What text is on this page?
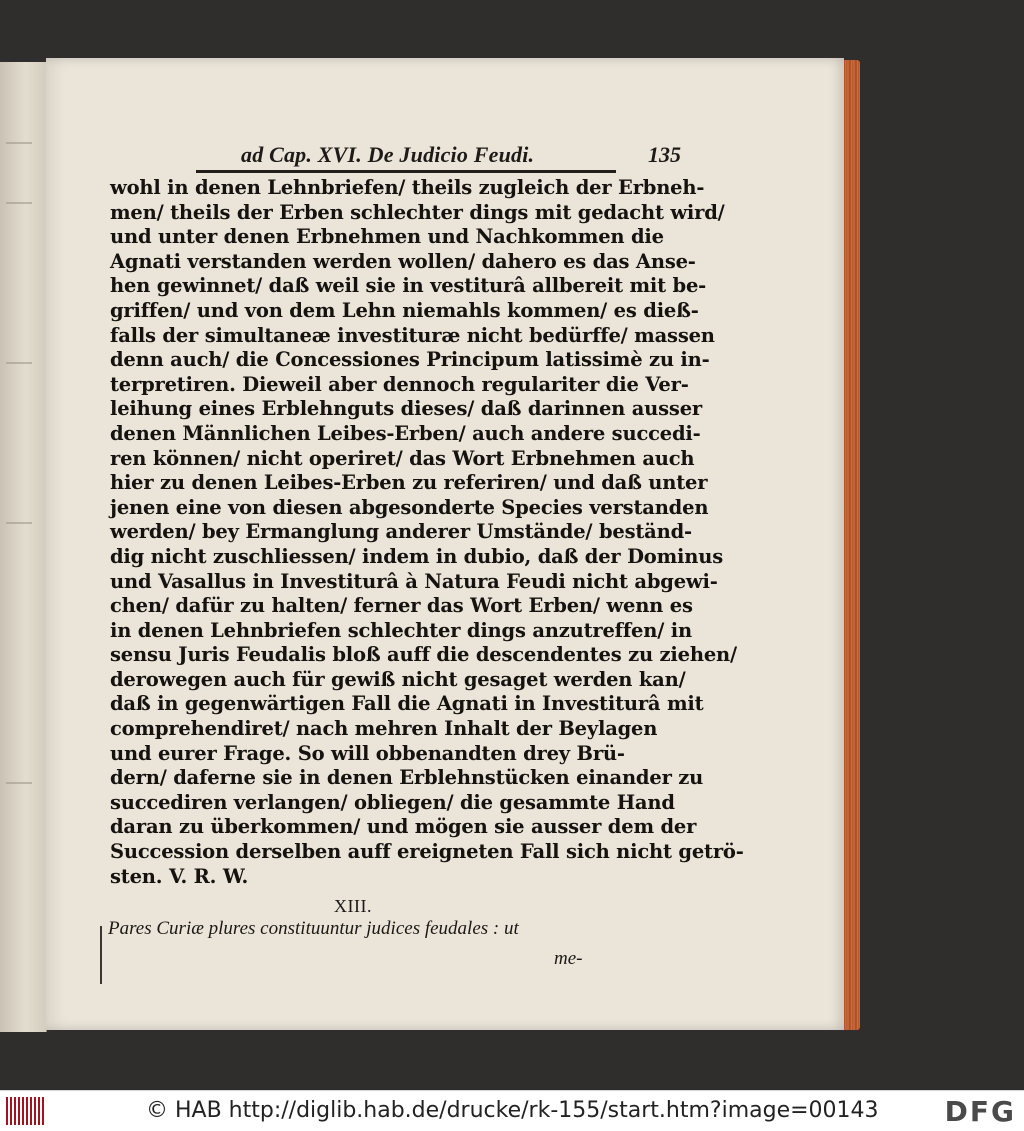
ad Cap. XVI. De Judicio Feudi.	135
wohl in denen Lehnbriefen/ theils zugleich der Erbneh-
men/ theils der Erben schlechter dings mit gedacht wird/
und unter denen Erbnehmen und Nachkommen die
Agnati verstanden werden wollen/ dahero es das Anse-
hen gewinnet/ daß weil sie in vestiturâ allbereit mit be-
griffen/ und von dem Lehn niemahls kommen/ es dieß-
falls der simultaneæ investituræ nicht bedürffe/ massen
denn auch/ die Concessiones Principum latissimè zu in-
terpretiren. Dieweil aber dennoch regulariter die Ver-
leihung eines Erblehnguts dieses/ daß darinnen ausser
denen Männlichen Leibes-Erben/ auch andere succedi-
ren können/ nicht operiret/ das Wort Erbnehmen auch
hier zu denen Leibes-Erben zu referiren/ und daß unter
jenen eine von diesen abgesonderte Species verstanden
werden/ bey Ermanglung anderer Umstände/ beständ-
dig nicht zuschliessen/ indem in dubio, daß der Dominus
und Vasallus in Investiturâ à Natura Feudi nicht abgewi-
chen/ dafür zu halten/ ferner das Wort Erben/ wenn es
in denen Lehnbriefen schlechter dings anzutreffen/ in
sensu Juris Feudalis bloß auff die descendentes zu ziehen/
derowegen auch für gewiß nicht gesaget werden kan/
daß in gegenwärtigen Fall die Agnati in Investiturâ mit
comprehendiret/ nach mehren Inhalt der Beylagen
und eurer Frage. So will obbenandten drey Brü-
dern/ daferne sie in denen Erblehnstücken einander zu
succediren verlangen/ obliegen/ die gesammte Hand
daran zu überkommen/ und mögen sie ausser dem der
Succession derselben auff ereigneten Fall sich nicht getrö-
sten. V. R. W.
XIII.
Pares Curiæ plures constituuntur judices feudales : ut
me-
© HAB http://diglib.hab.de/drucke/rk-155/start.htm?image=00143 DFG
